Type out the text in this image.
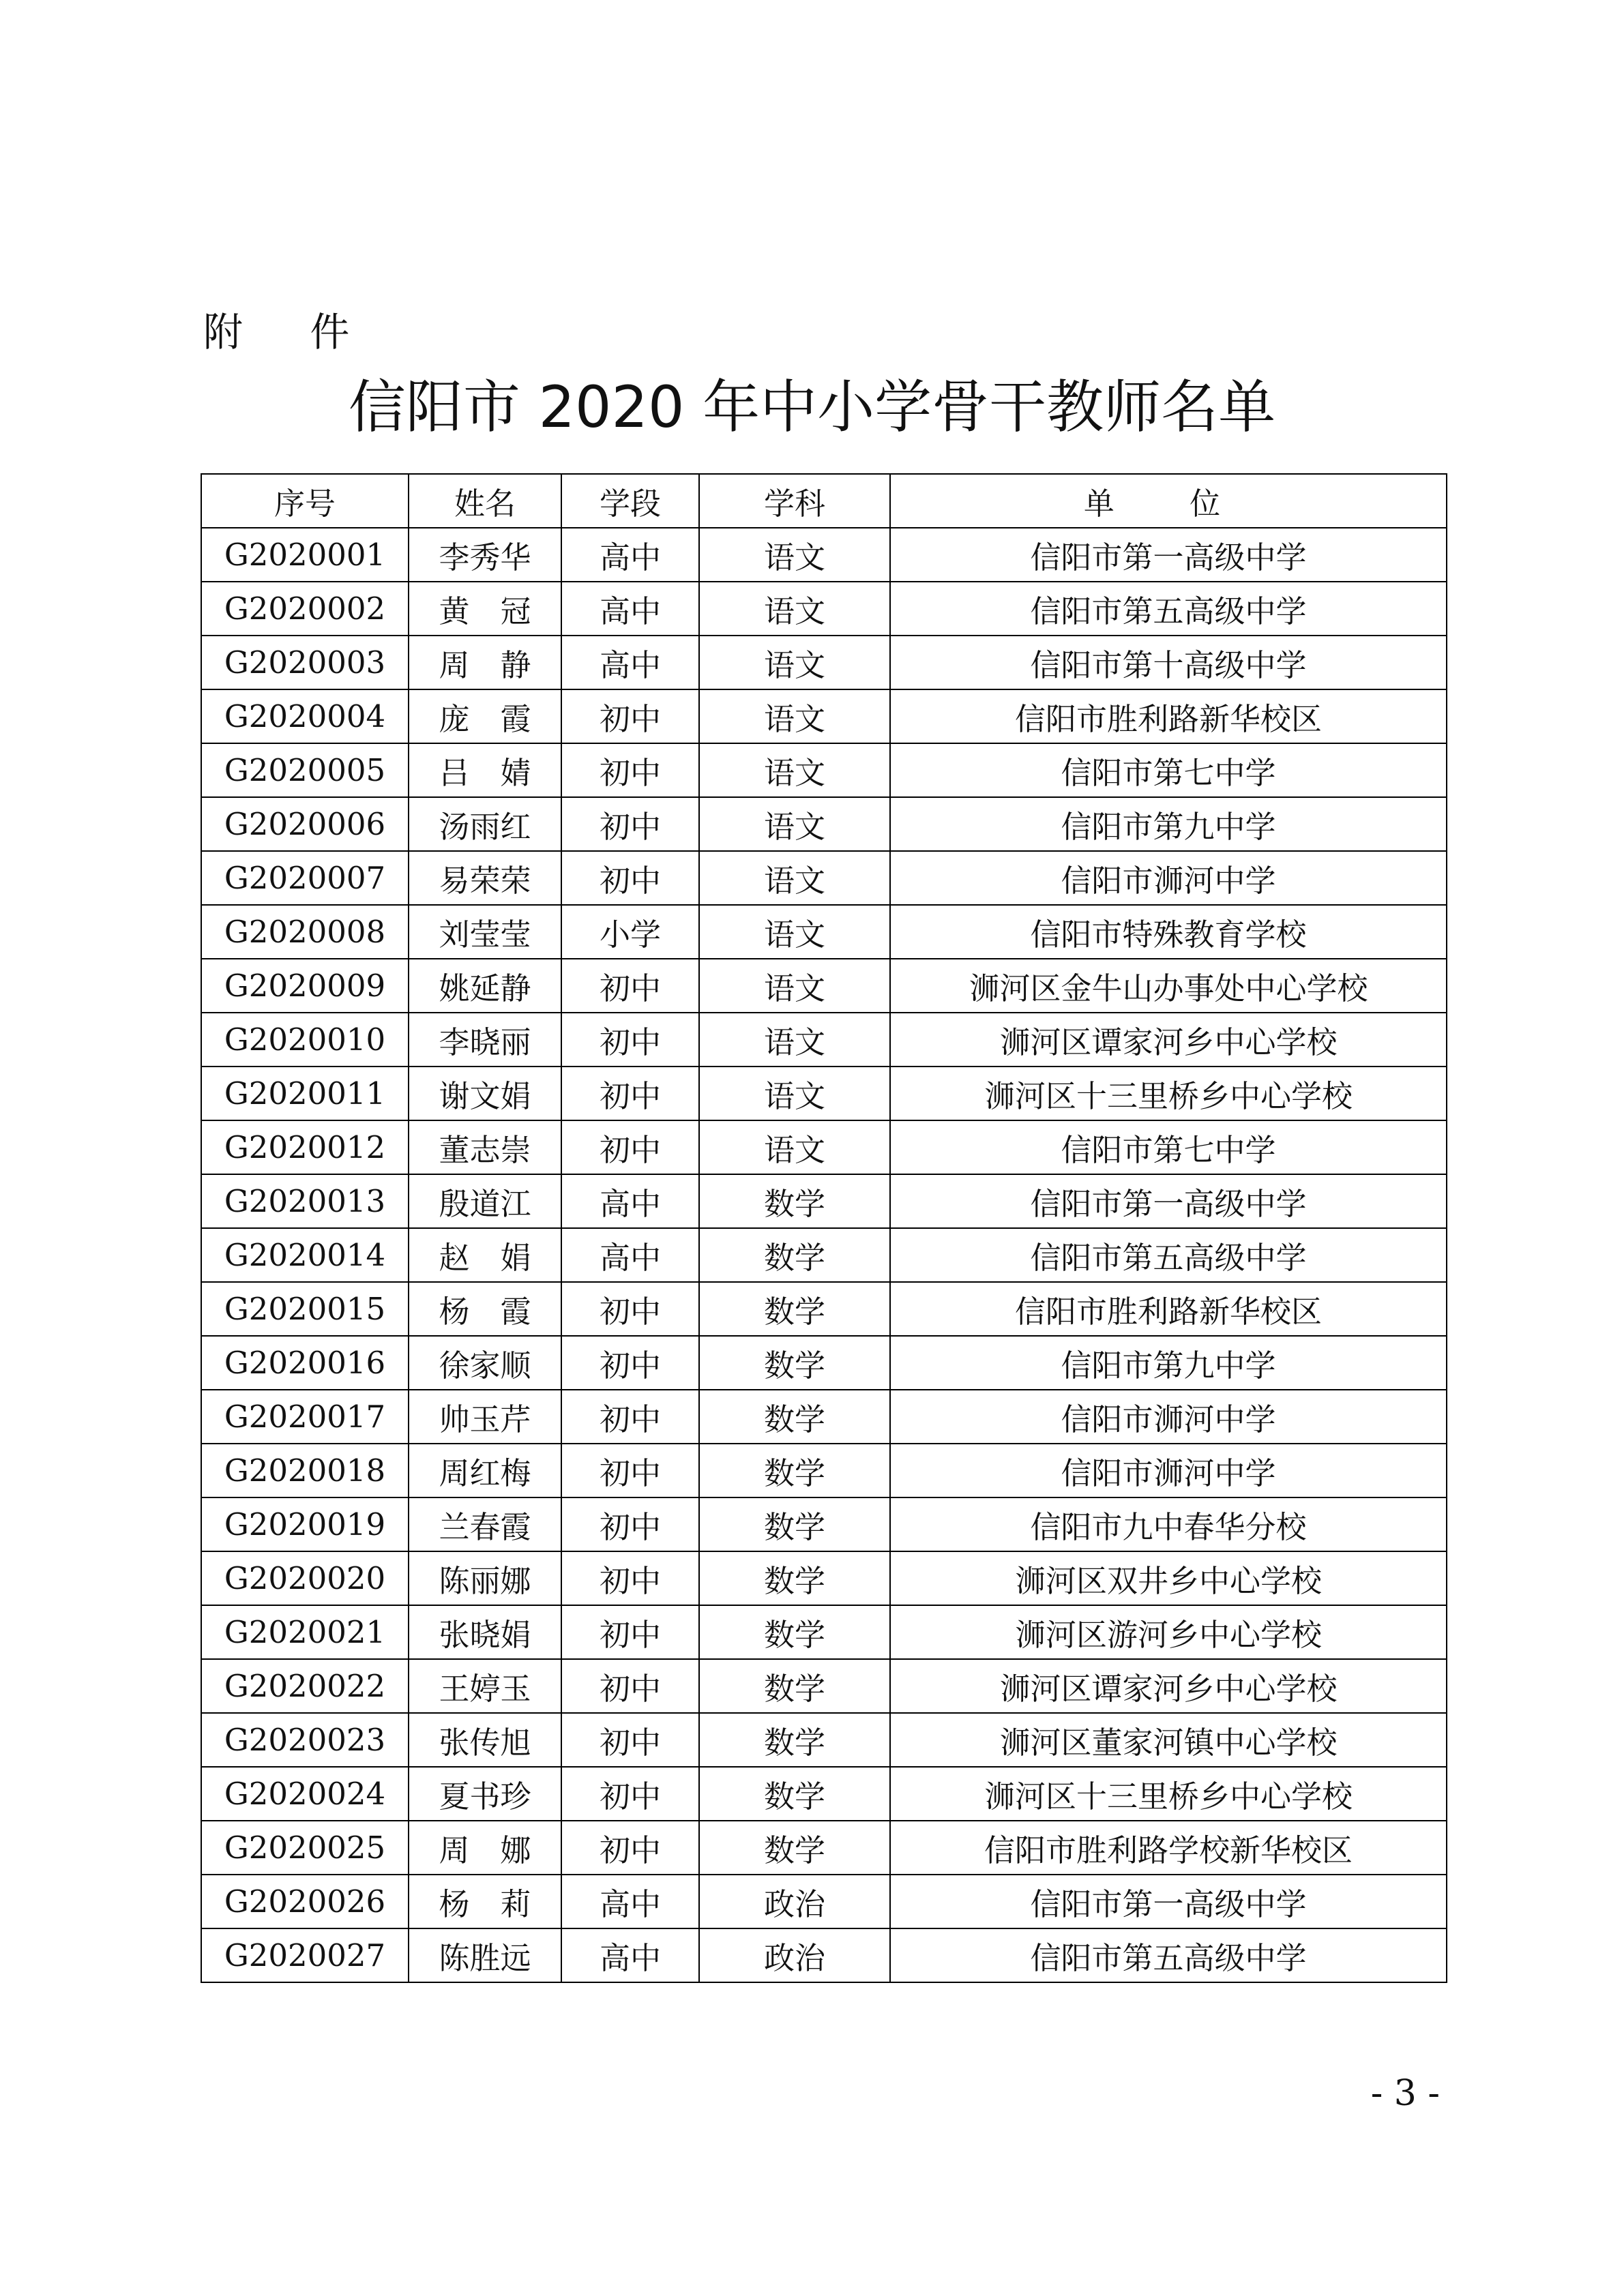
附 件
信阳市 2020 年中小学骨干教师名单
序号	姓名	学段	学科	单 位
G2020001	李秀华	高中	语文	信阳市第一高级中学
G2020002	黄　冠	高中	语文	信阳市第五高级中学
G2020003	周　静	高中	语文	信阳市第十高级中学
G2020004	庞　霞	初中	语文	信阳市胜利路新华校区
G2020005	吕　婧	初中	语文	信阳市第七中学
G2020006	汤雨红	初中	语文	信阳市第九中学
G2020007	易荣荣	初中	语文	信阳市浉河中学
G2020008	刘莹莹	小学	语文	信阳市特殊教育学校
G2020009	姚延静	初中	语文	浉河区金牛山办事处中心学校
G2020010	李晓丽	初中	语文	浉河区谭家河乡中心学校
G2020011	谢文娟	初中	语文	浉河区十三里桥乡中心学校
G2020012	董志崇	初中	语文	信阳市第七中学
G2020013	殷道江	高中	数学	信阳市第一高级中学
G2020014	赵　娟	高中	数学	信阳市第五高级中学
G2020015	杨　霞	初中	数学	信阳市胜利路新华校区
G2020016	徐家顺	初中	数学	信阳市第九中学
G2020017	帅玉芹	初中	数学	信阳市浉河中学
G2020018	周红梅	初中	数学	信阳市浉河中学
G2020019	兰春霞	初中	数学	信阳市九中春华分校
G2020020	陈丽娜	初中	数学	浉河区双井乡中心学校
G2020021	张晓娟	初中	数学	浉河区游河乡中心学校
G2020022	王婷玉	初中	数学	浉河区谭家河乡中心学校
G2020023	张传旭	初中	数学	浉河区董家河镇中心学校
G2020024	夏书珍	初中	数学	浉河区十三里桥乡中心学校
G2020025	周　娜	初中	数学	信阳市胜利路学校新华校区
G2020026	杨　莉	高中	政治	信阳市第一高级中学
G2020027	陈胜远	高中	政治	信阳市第五高级中学
- 3 -
